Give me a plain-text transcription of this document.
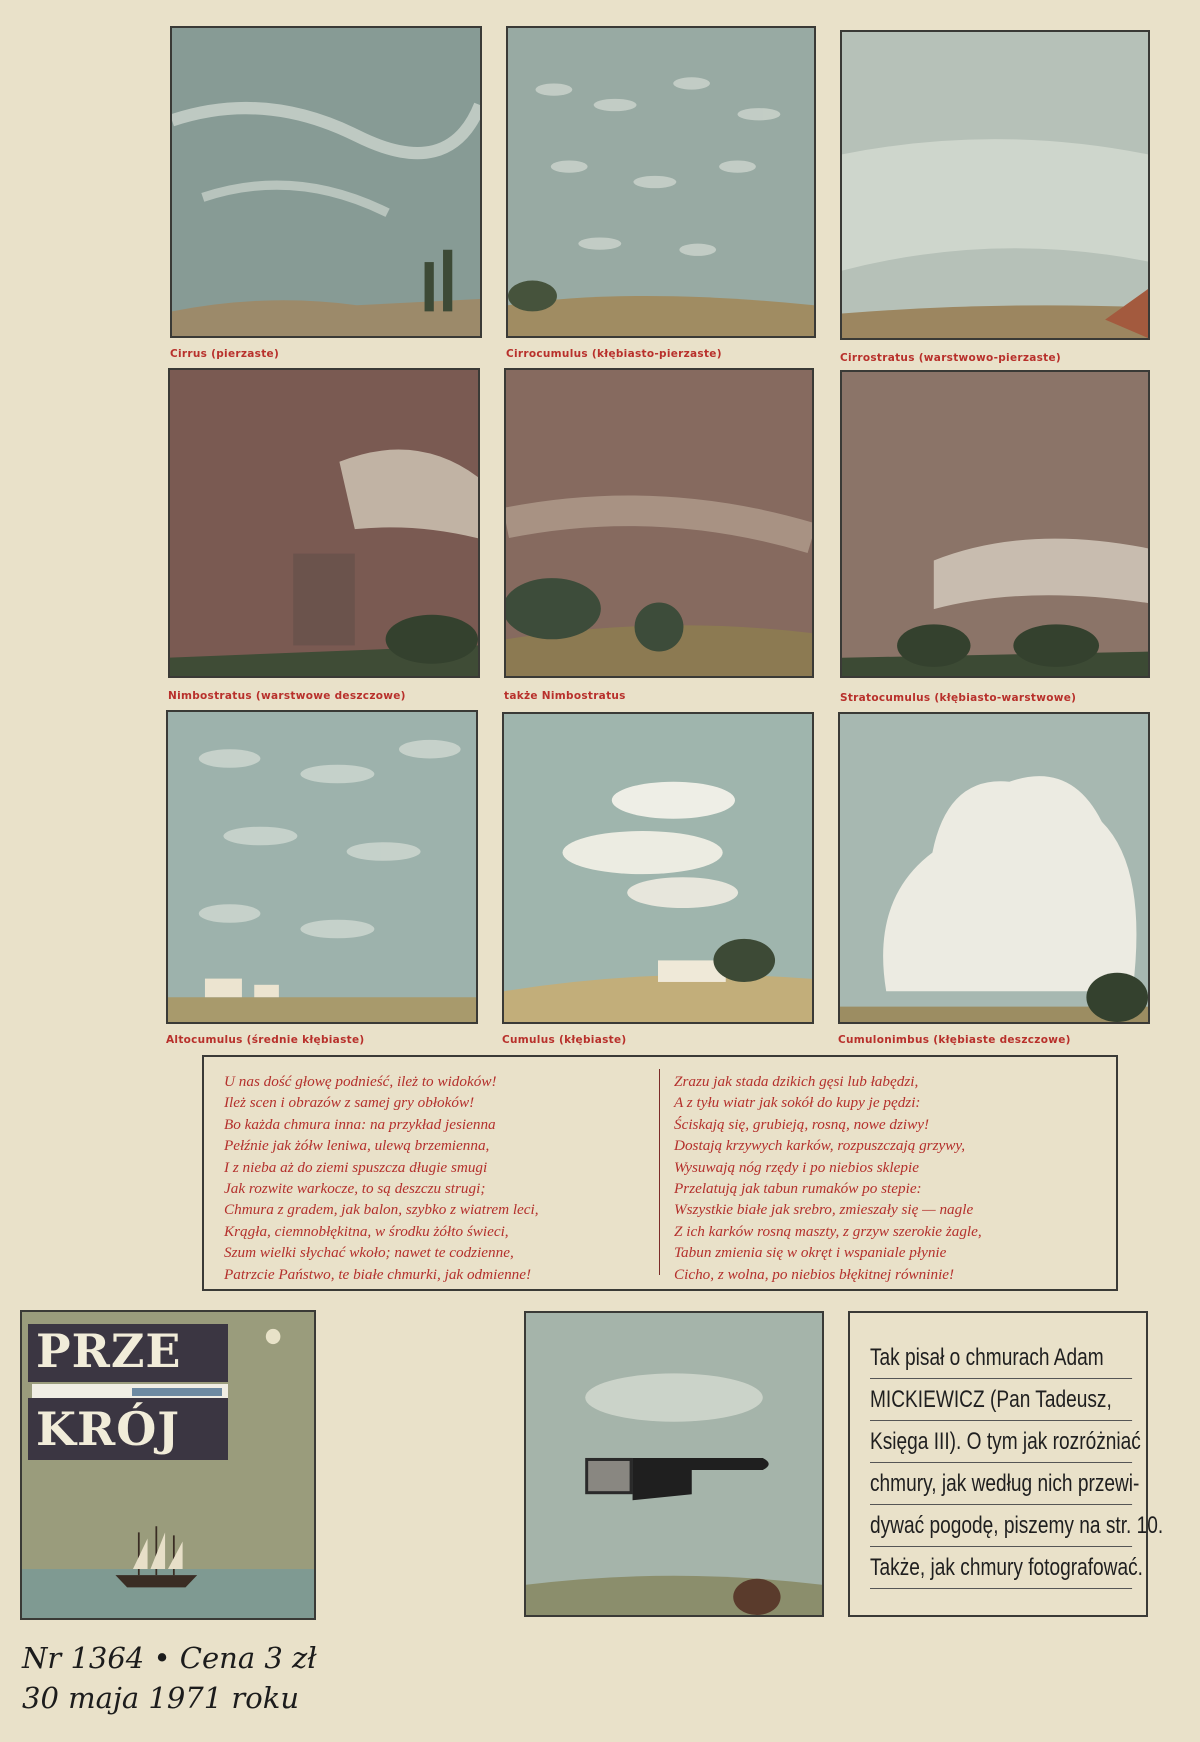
Cirrus (pierzaste)	Cirrocumulus (kłębiasto-pierzaste)	Cirrostratus (warstwowo-pierzaste)
Nimbostratus (warstwowe deszczowe)	także Nimbostratus	Stratocumulus (kłębiasto-warstwowe)
Altocumulus (średnie kłębiaste)	Cumulus (kłębiaste)	Cumulonimbus (kłębiaste deszczowe)
U nas dość głowę podnieść, ileż to widoków!
Ileż scen i obrazów z samej gry obłoków!
Bo każda chmura inna: na przykład jesienna
Pełźnie jak żółw leniwa, ulewą brzemienna,
I z nieba aż do ziemi spuszcza długie smugi
Jak rozwite warkocze, to są deszczu strugi;
Chmura z gradem, jak balon, szybko z wiatrem leci,
Krągła, ciemnobłękitna, w środku żółto świeci,
Szum wielki słychać wkoło; nawet te codzienne,
Patrzcie Państwo, te białe chmurki, jak odmienne!
Zrazu jak stada dzikich gęsi lub łabędzi,
A z tyłu wiatr jak sokół do kupy je pędzi:
Ściskają się, grubieją, rosną, nowe dziwy!
Dostają krzywych karków, rozpuszczają grzywy,
Wysuwają nóg rzędy i po niebios sklepie
Przelatują jak tabun rumaków po stepie:
Wszystkie białe jak srebro, zmieszały się — nagle
Z ich karków rosną maszty, z grzyw szerokie żagle,
Tabun zmienia się w okręt i wspaniale płynie
Cicho, z wolna, po niebios błękitnej równinie!
PRZE
KRÓJ
Nr 1364 • Cena 3 zł
30 maja 1971 roku
Tak pisał o chmurach Adam
MICKIEWICZ (Pan Tadeusz,
Księga III). O tym jak rozróżniać
chmury, jak według nich przewi-
dywać pogodę, piszemy na str. 10.
Także, jak chmury fotografować.
